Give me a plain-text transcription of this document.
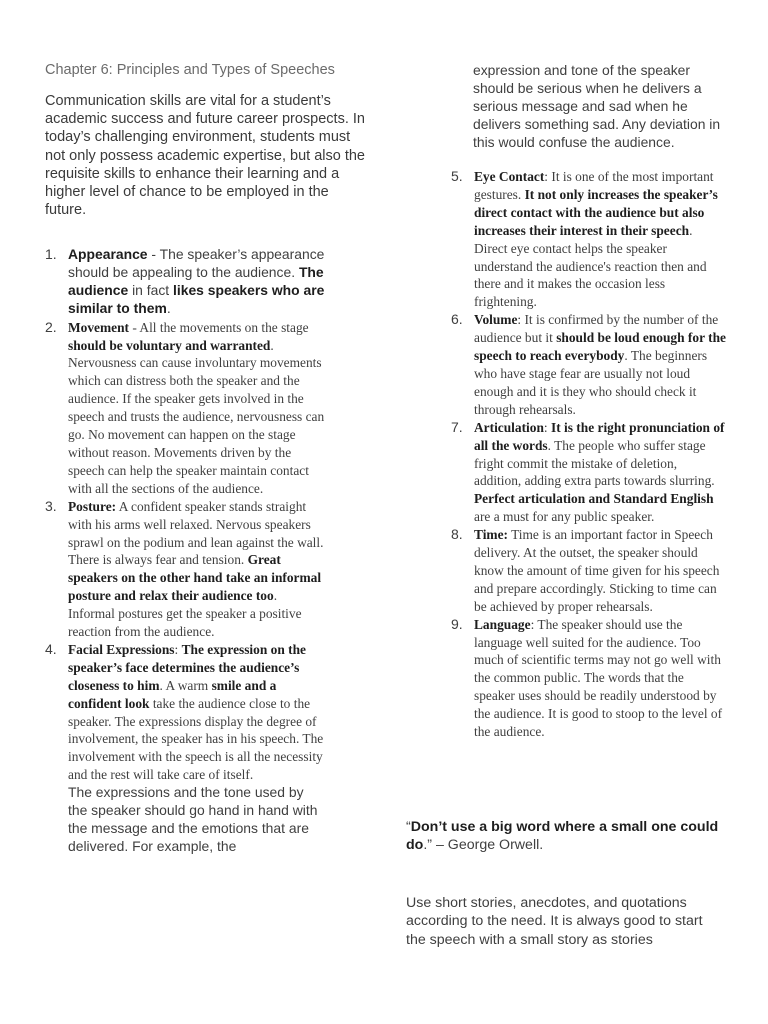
Chapter 6: Principles and Types of Speeches

Communication skills are vital for a student’s academic success and future career prospects. In today’s challenging environment, students must not only possess academic expertise, but also the requisite skills to enhance their learning and a higher level of chance to be employed in the future.

1. Appearance - The speaker’s appearance should be appealing to the audience. The audience in fact likes speakers who are similar to them.

2. Movement - All the movements on the stage should be voluntary and warranted. Nervousness can cause involuntary movements which can distress both the speaker and the audience. If the speaker gets involved in the speech and trusts the audience, nervousness can go. No movement can happen on the stage without reason. Movements driven by the speech can help the speaker maintain contact with all the sections of the audience.

3. Posture: A confident speaker stands straight with his arms well relaxed. Nervous speakers sprawl on the podium and lean against the wall. There is always fear and tension. Great speakers on the other hand take an informal posture and relax their audience too. Informal postures get the speaker a positive reaction from the audience.

4. Facial Expressions: The expression on the speaker’s face determines the audience’s closeness to him. A warm smile and a confident look take the audience close to the speaker. The expressions display the degree of involvement, the speaker has in his speech. The involvement with the speech is all the necessity and the rest will take care of itself.

The expressions and the tone used by the speaker should go hand in hand with the message and the emotions that are delivered. For example, the

expression and tone of the speaker should be serious when he delivers a serious message and sad when he delivers something sad. Any deviation in this would confuse the audience.

5. Eye Contact: It is one of the most important gestures. It not only increases the speaker’s direct contact with the audience but also increases their interest in their speech. Direct eye contact helps the speaker understand the audience's reaction then and there and it makes the occasion less frightening.

6. Volume: It is confirmed by the number of the audience but it should be loud enough for the speech to reach everybody. The beginners who have stage fear are usually not loud enough and it is they who should check it through rehearsals.

7. Articulation: It is the right pronunciation of all the words. The people who suffer stage fright commit the mistake of deletion, addition, adding extra parts towards slurring. Perfect articulation and Standard English are a must for any public speaker.

8. Time: Time is an important factor in Speech delivery. At the outset, the speaker should know the amount of time given for his speech and prepare accordingly. Sticking to time can be achieved by proper rehearsals.

9. Language: The speaker should use the language well suited for the audience. Too much of scientific terms may not go well with the common public. The words that the speaker uses should be readily understood by the audience. It is good to stoop to the level of the audience.

“Don’t use a big word where a small one could do.” – George Orwell.

Use short stories, anecdotes, and quotations according to the need. It is always good to start the speech with a small story as stories
